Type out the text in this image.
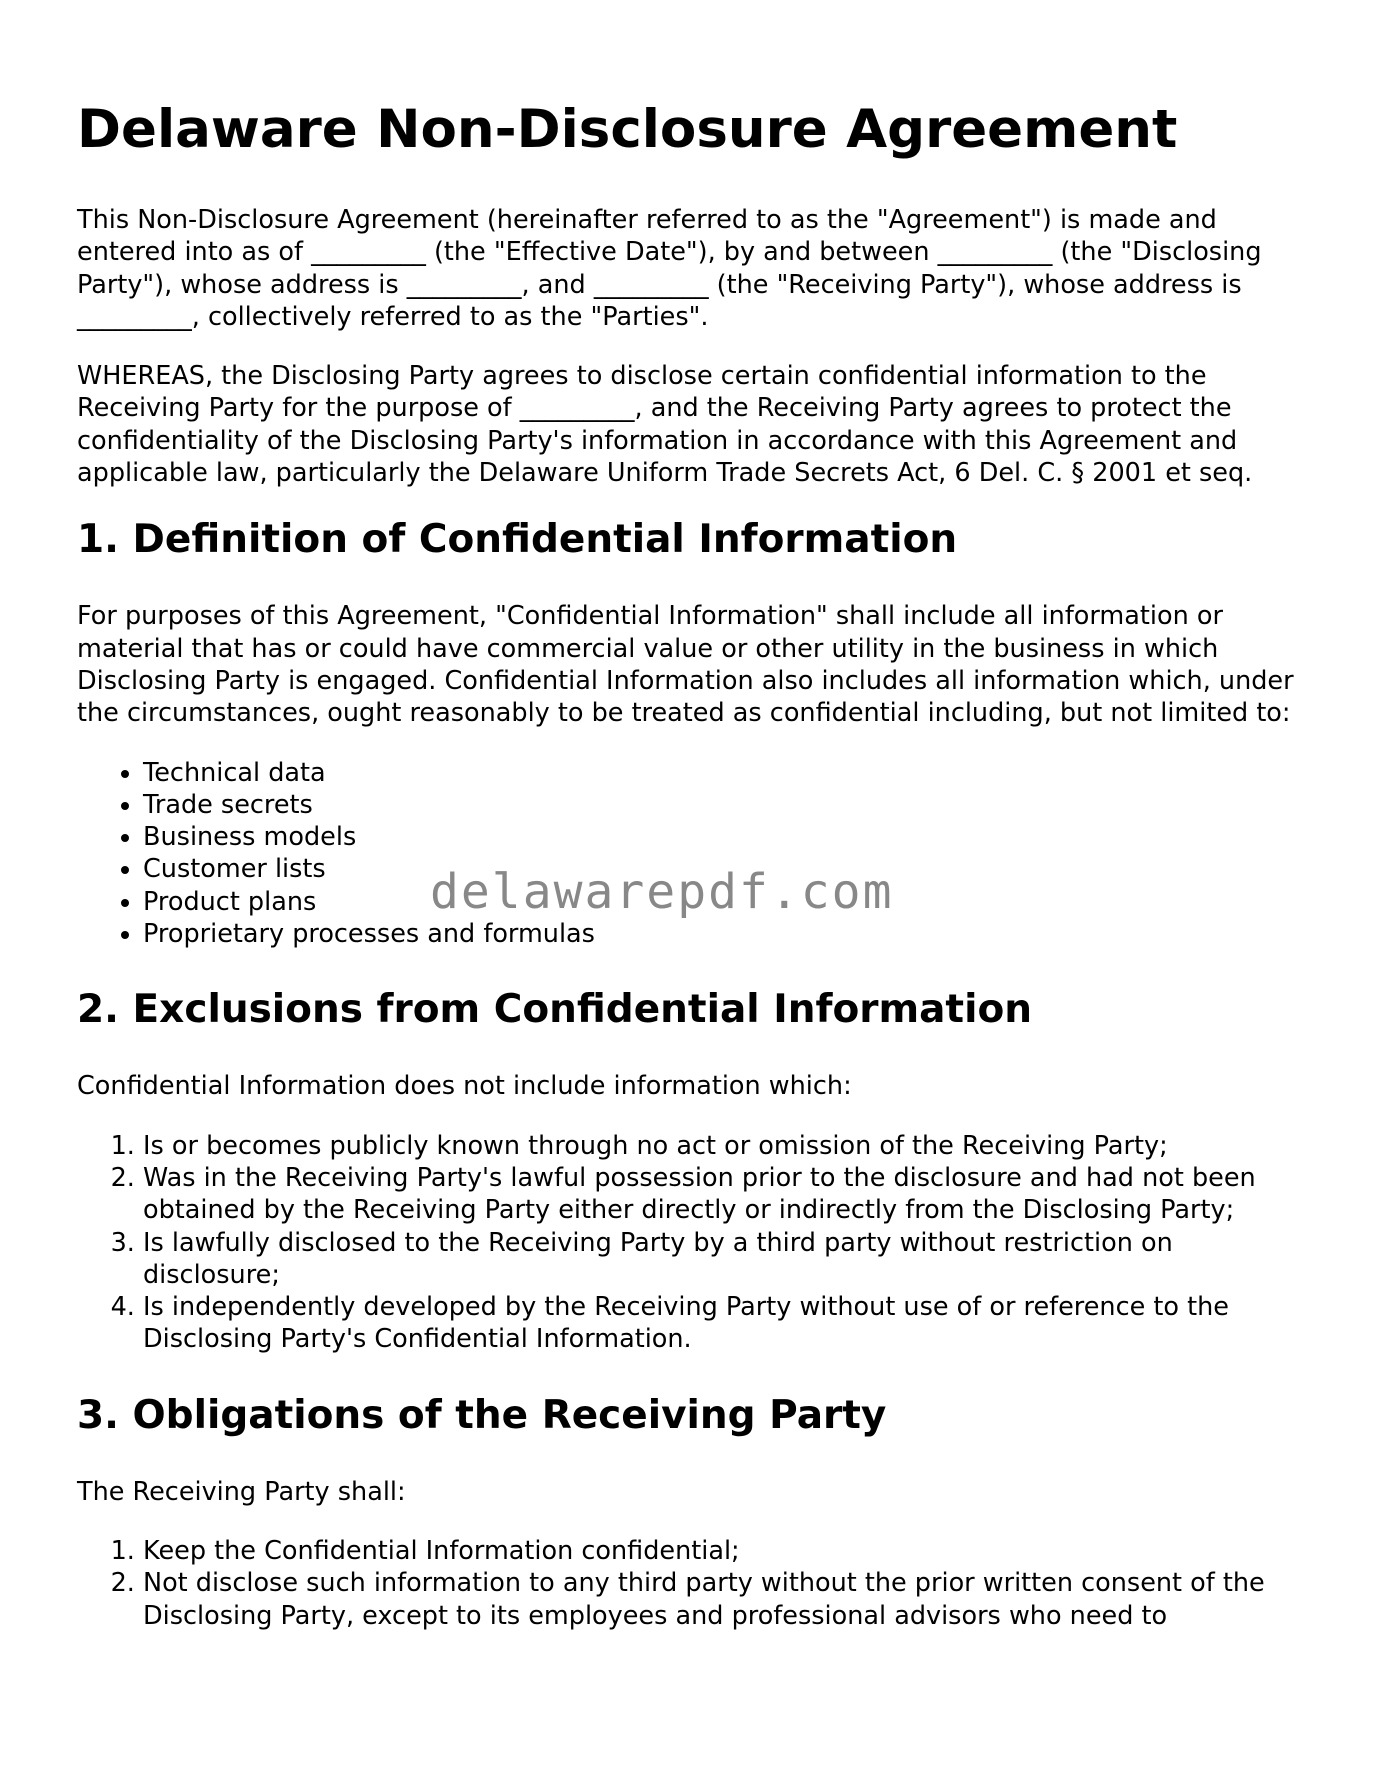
Delaware Non-Disclosure Agreement

This Non-Disclosure Agreement (hereinafter referred to as the "Agreement") is made and entered into as of _________ (the "Effective Date"), by and between _________ (the "Disclosing Party"), whose address is _________, and _________ (the "Receiving Party"), whose address is _________, collectively referred to as the "Parties".

WHEREAS, the Disclosing Party agrees to disclose certain confidential information to the Receiving Party for the purpose of _________, and the Receiving Party agrees to protect the confidentiality of the Disclosing Party's information in accordance with this Agreement and applicable law, particularly the Delaware Uniform Trade Secrets Act, 6 Del. C. § 2001 et seq.

1. Definition of Confidential Information

For purposes of this Agreement, "Confidential Information" shall include all information or material that has or could have commercial value or other utility in the business in which Disclosing Party is engaged. Confidential Information also includes all information which, under the circumstances, ought reasonably to be treated as confidential including, but not limited to:

• Technical data
• Trade secrets
• Business models
• Customer lists
• Product plans
• Proprietary processes and formulas
2. Exclusions from Confidential Information

Confidential Information does not include information which:

1. Is or becomes publicly known through no act or omission of the Receiving Party;
2. Was in the Receiving Party's lawful possession prior to the disclosure and had not been obtained by the Receiving Party either directly or indirectly from the Disclosing Party;
3. Is lawfully disclosed to the Receiving Party by a third party without restriction on disclosure;
4. Is independently developed by the Receiving Party without use of or reference to the Disclosing Party's Confidential Information.
3. Obligations of the Receiving Party

The Receiving Party shall:

1. Keep the Confidential Information confidential;
2. Not disclose such information to any third party without the prior written consent of the Disclosing Party, except to its employees and professional advisors who need to
delawarepdf.com
